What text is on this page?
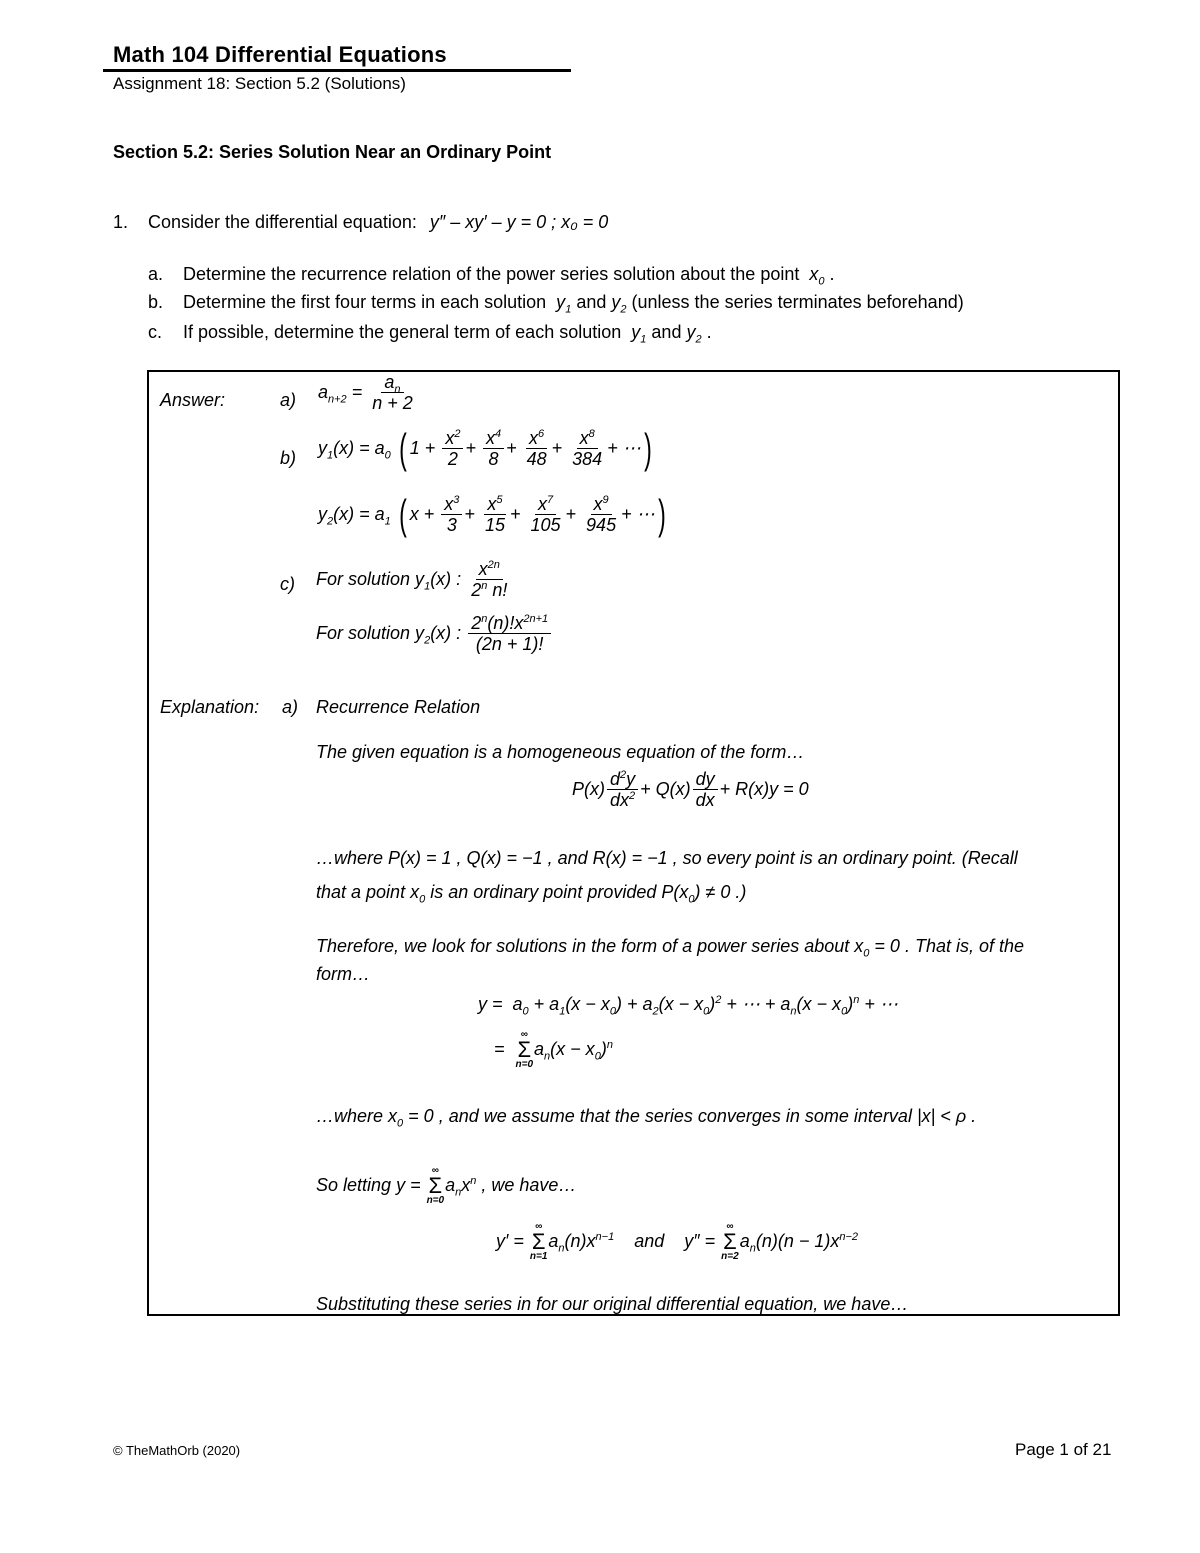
Math 104 Differential Equations
Assignment 18: Section 5.2 (Solutions)
Section 5.2: Series Solution Near an Ordinary Point
1. Consider the differential equation: y″ – xy′ – y = 0 ; x₀ = 0
a. Determine the recurrence relation of the power series solution about the point  $x_0$ .
b. Determine the first four terms in each solution  $y_1$ and $y_2$ (unless the series terminates beforehand)
c. If possible, determine the general term of each solution  $y_1$ and $y_2$ .
Answer:	a) $a_{n+2} = \frac{a_n}{n + 2}$
b)
$y_1(x) = a_0$ ( $1 + \frac{x^2}{2} + \frac{x^4}{8} + \frac{x^6}{48} + \frac{x^8}{384}$ + ⋯)
$y_2(x) = a_1$ ( $x + \frac{x^3}{3} + \frac{x^5}{15} + \frac{x^7}{105} + \frac{x^9}{945}$ + ⋯)
c) For solution $y_1(x)$ : $\frac{x^{2n}}{2^n n!}$
For solution $y_2(x)$ : $\frac{2^n(n)!x^{2n+1}}{(2n + 1)!}$
Explanation: a) Recurrence Relation
The given equation is a homogeneous equation of the form…
$P(x) \frac{d^2y}{dx^2} + Q(x) \frac{dy}{dx} + R(x)y = 0$
…where P(x) = 1 , Q(x) = −1 , and R(x) = −1 , so every point is an ordinary point. (Recall
that a point $x_0$ is an ordinary point provided $P(x_0) \ne 0$ .)
Therefore, we look for solutions in the form of a power series about $x_0 = 0$ . That is, of the
form…
$y = a_0 + a_1(x - x_0) + a_2(x - x_0)^2$ + ⋯ + $a_n(x - x_0)^n$ + ⋯
=
∞
Σ
n=0
$a_n(x - x_0)^n$
…where $x_0 = 0$ , and we assume that the series converges in some interval |x| < ρ .
So letting y =
∞
Σ
n=0
$a_nx^n$ , we have…
y′ =
∞
Σ
n=1
$a_n(n)x^{n-1}$ and    y″ =
∞
Σ
n=2
$a_n(n)(n - 1)x^{n-2}$
Substituting these series in for our original differential equation, we have…
© TheMathOrb (2020)	Page 1 of 21
